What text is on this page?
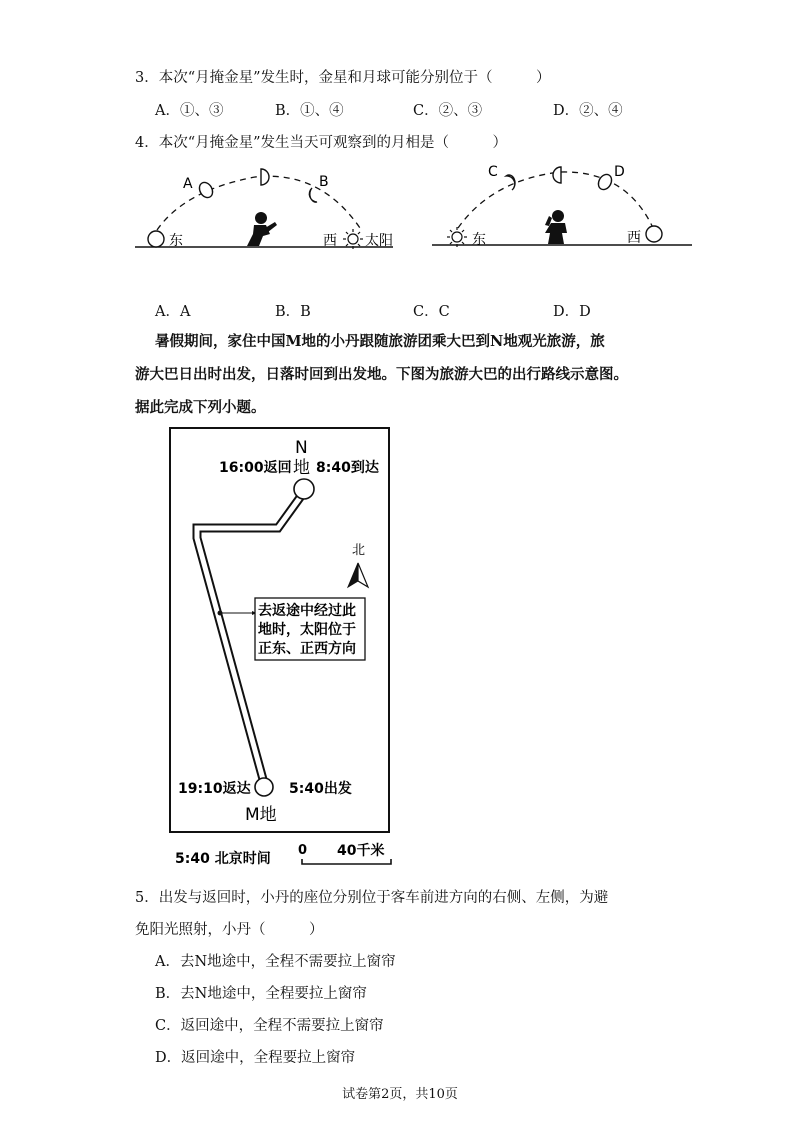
3．本次“月掩金星”发生时，金星和月球可能分别位于（　　　）
A．①、③	B．①、④	C．②、③	D．②、④
4．本次“月掩金星”发生当天可观察到的月相是（　　　）
东
A	B
西 太阳	东
C	D
西
A．A	B．B	C．C	D．D
暑假期间，家住中国M地的小丹跟随旅游团乘大巴到N地观光旅游，旅
游大巴日出时出发，日落时回到出发地。下图为旅游大巴的出行路线示意图。
据此完成下列小题。
N
地
16:00返回 8:40到达
北
去返途中经过此
地时，太阳位于
正东、正西方向
19:10返达	5:40出发
M地
5:40 北京时间
0 40千米
5．出发与返回时，小丹的座位分别位于客车前进方向的右侧、左侧，为避
免阳光照射，小丹（　　　）
A．去N地途中，全程不需要拉上窗帘
B．去N地途中，全程要拉上窗帘
C．返回途中，全程不需要拉上窗帘
D．返回途中，全程要拉上窗帘
试卷第2页，共10页
